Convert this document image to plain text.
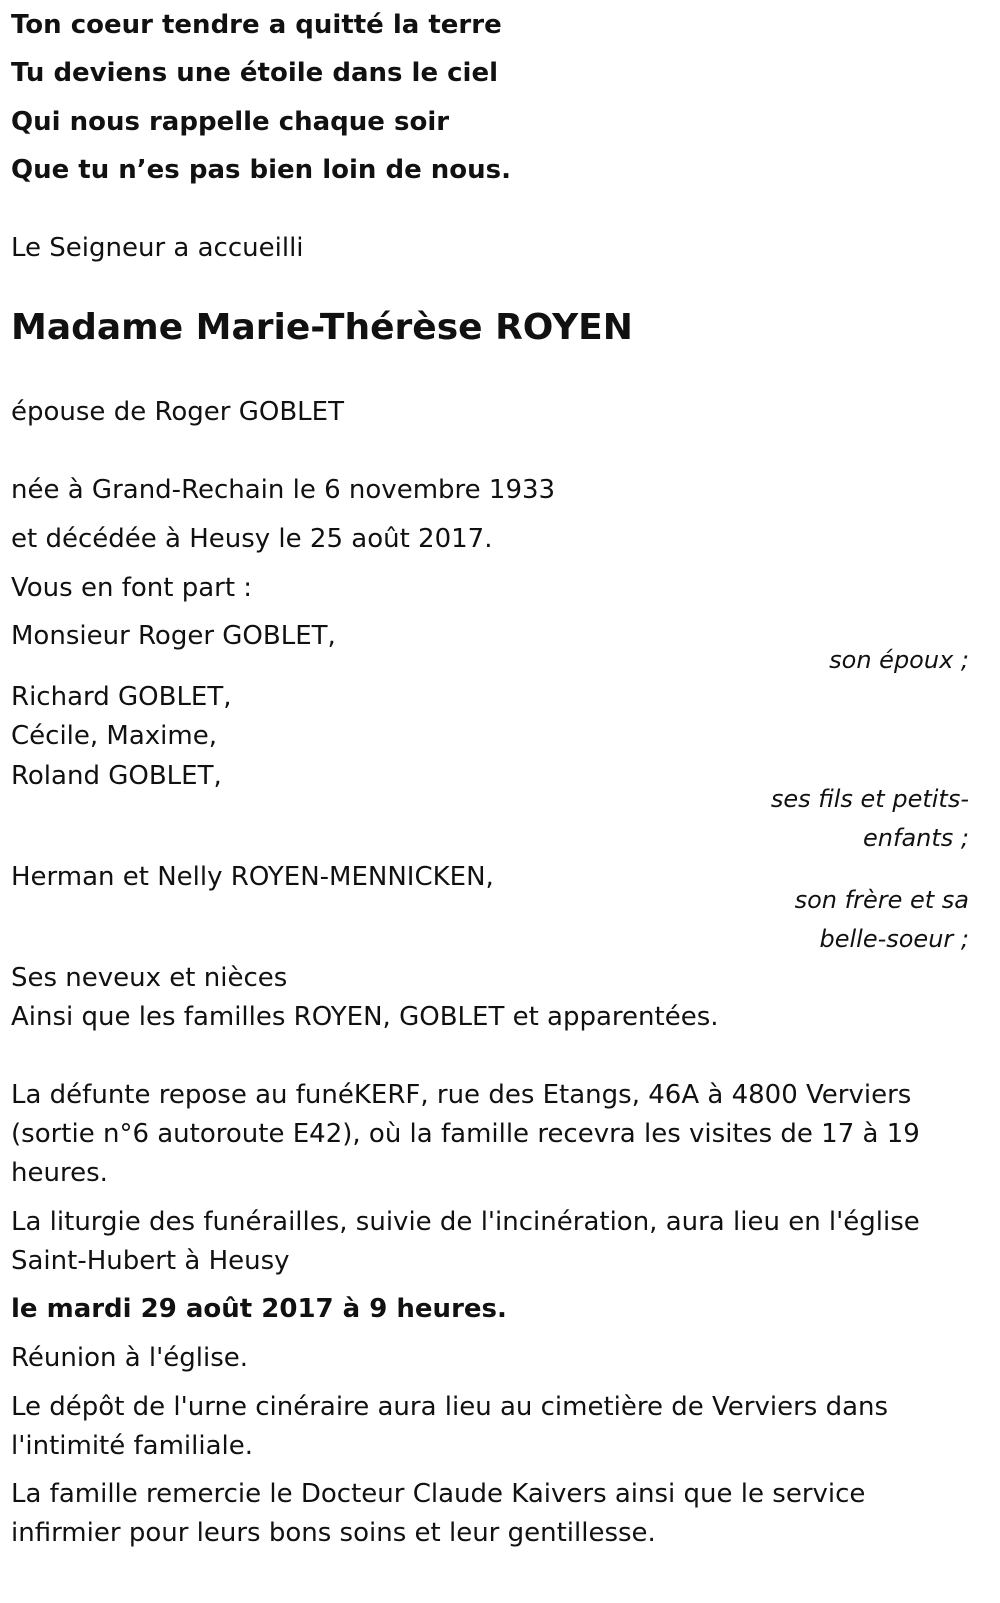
Ton coeur tendre a quitté la terre
Tu deviens une étoile dans le ciel
Qui nous rappelle chaque soir
Que tu n’es pas bien loin de nous.
Le Seigneur a accueilli
Madame Marie-Thérèse ROYEN
épouse de Roger GOBLET
née à Grand-Rechain le 6 novembre 1933
et décédée à Heusy le 25 août 2017.
Vous en font part :
Monsieur Roger GOBLET,
son époux ;
Richard GOBLET,
Cécile, Maxime,
Roland GOBLET,
ses fils et petits-
enfants ;
Herman et Nelly ROYEN-MENNICKEN,
son frère et sa
belle-soeur ;
Ses neveux et nièces
Ainsi que les familles ROYEN, GOBLET et apparentées.
La défunte repose au funéKERF, rue des Etangs, 46A à 4800 Verviers
(sortie n°6 autoroute E42), où la famille recevra les visites de 17 à 19
heures.
La liturgie des funérailles, suivie de l'incinération, aura lieu en l'église
Saint-Hubert à Heusy
le mardi 29 août 2017 à 9 heures.
Réunion à l'église.
Le dépôt de l'urne cinéraire aura lieu au cimetière de Verviers dans
l'intimité familiale.
La famille remercie le Docteur Claude Kaivers ainsi que le service
infirmier pour leurs bons soins et leur gentillesse.
